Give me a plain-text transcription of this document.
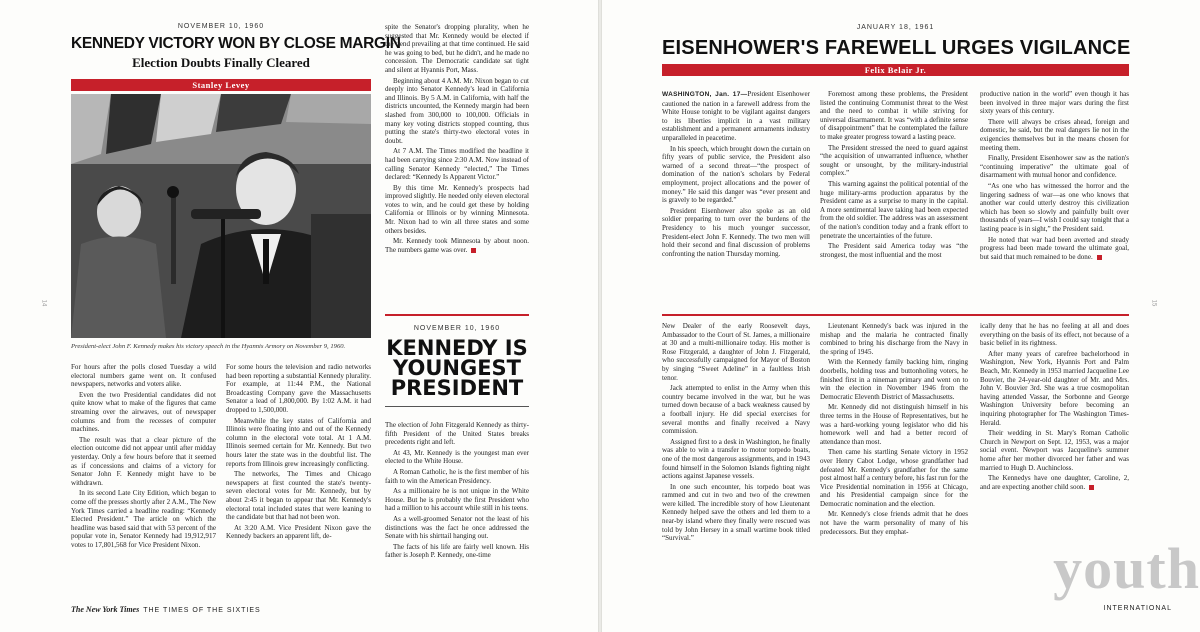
NOVEMBER 10, 1960
KENNEDY VICTORY WON BY CLOSE MARGIN
Election Doubts Finally Cleared
Stanley Levey
President-elect John F. Kennedy makes his victory speech in the Hyannis Armory on November 9, 1960.

For hours after the polls closed Tuesday a wild electoral numbers game went on. It confused newspapers, networks and voters alike.

Even the two Presidential candidates did not quite know what to make of the figures that came streaming over the airwaves, out of newspaper columns and from the recesses of computer machines.

The result was that a clear picture of the election outcome did not appear until after midday yesterday. Only a few hours before that it seemed as if concessions and claims of a victory for Senator John F. Kennedy might have to be withdrawn.

In its second Late City Edition, which began to come off the presses shortly after 2 A.M., The New York Times carried a headline reading: “Kennedy Elected President.” The article on which the headline was based said that with 53 percent of the popular vote in, Senator Kennedy had 19,912,917 votes to 17,801,568 for Vice President Nixon.

For some hours the television and radio networks had been reporting a substantial Kennedy plurality. For example, at 11:44 P.M., the National Broadcasting Company gave the Massachusetts Senator a lead of 1,800,000. By 1:02 A.M. it had dropped to 1,500,000.

Meanwhile the key states of California and Illinois were floating into and out of the Kennedy column in the electoral vote total. At 1 A.M. Illinois seemed certain for Mr. Kennedy. But two hours later the state was in the doubtful list. The reports from Illinois grew increasingly conflicting.

The networks, The Times and Chicago newspapers at first counted the state's twenty-seven electoral votes for Mr. Kennedy, but by about 2:45 it began to appear that Mr. Kennedy's electoral total included states that were leaning to the candidate but that had not been won.

At 3:20 A.M. Vice President Nixon gave the Kennedy backers an apparent lift, de-

spite the Senator's dropping plurality, when he suggested that Mr. Kennedy would be elected if the trend prevailing at that time continued. He said he was going to bed, but he didn't, and he made no concession. The Democratic candidate sat tight and silent at Hyannis Port, Mass.

Beginning about 4 A.M. Mr. Nixon began to cut deeply into Senator Kennedy's lead in California and Illinois. By 5 A.M. in California, with half the districts uncounted, the Kennedy margin had been slashed from 300,000 to 100,000. Officials in many key voting districts stopped counting, thus putting the state's thirty-two electoral votes in doubt.

At 7 A.M. The Times modified the headline it had been carrying since 2:30 A.M. Now instead of calling Senator Kennedy “elected,” The Times declared: “Kennedy Is Apparent Victor.”

By this time Mr. Kennedy's prospects had improved slightly. He needed only eleven electoral votes to win, and he could get these by holding California or Illinois or by winning Minnesota. Mr. Nixon had to win all three states and some others besides.

Mr. Kennedy took Minnesota by about noon. The numbers game was over.

NOVEMBER 10, 1960
KENNEDY IS
YOUNGEST
PRESIDENT

The election of John Fitzgerald Kennedy as thirty-fifth President of the United States breaks precedents right and left.

At 43, Mr. Kennedy is the youngest man ever elected to the White House.

A Roman Catholic, he is the first member of his faith to win the American Presidency.

As a millionaire he is not unique in the White House. But he is probably the first President who had a million to his account while still in his teens.

As a well-groomed Senator not the least of his distinctions was the fact he once addressed the Senate with his shirttail hanging out.

The facts of his life are fairly well known. His father is Joseph P. Kennedy, one-time

14
The New York Times THE TIMES OF THE SIXTIES
JANUARY 18, 1961
EISENHOWER'S FAREWELL URGES VIGILANCE
Felix Belair Jr.

WASHINGTON, Jan. 17—President Eisenhower cautioned the nation in a farewell address from the White House tonight to be vigilant against dangers to its liberties implicit in a vast military establishment and a permanent armaments industry unparalleled in peacetime.

In his speech, which brought down the curtain on fifty years of public service, the President also warned of a second threat—“the prospect of domination of the nation's scholars by Federal employment, project allocations and the power of money.” He said this danger was “ever present and is gravely to be regarded.”

President Eisenhower also spoke as an old soldier preparing to turn over the burdens of the Presidency to his much younger successor, President-elect John F. Kennedy. The two men will hold their second and final discussion of problems confronting the nation Thursday morning.

Foremost among these problems, the President listed the continuing Communist threat to the West and the need to combat it while striving for universal disarmament. It was “with a definite sense of disappointment” that he contemplated the failure to make greater progress toward a lasting peace.

The President stressed the need to guard against “the acquisition of unwarranted influence, whether sought or unsought, by the military-industrial complex.”

This warning against the political potential of the huge military-arms production apparatus by the President came as a surprise to many in the capital. A more sentimental leave taking had been expected from the old soldier. The address was an assessment of the nation's condition today and a frank effort to penetrate the uncertainties of the future.

The President said America today was “the strongest, the most influential and the most

productive nation in the world” even though it has been involved in three major wars during the first sixty years of this century.

There will always be crises ahead, foreign and domestic, he said, but the real dangers lie not in the exigencies themselves but in the means chosen for meeting them.

Finally, President Eisenhower saw as the nation's “continuing imperative” the ultimate goal of disarmament with mutual honor and confidence.

“As one who has witnessed the horror and the lingering sadness of war—as one who knows that another war could utterly destroy this civilization which has been so slowly and painfully built over thousands of years—I wish I could say tonight that a lasting peace is in sight,” the President said.

He noted that war had been averted and steady progress had been made toward the ultimate goal, but said that much remained to be done.

New Dealer of the early Roosevelt days, Ambassador to the Court of St. James, a millionaire at 30 and a multi-millionaire today. His mother is Rose Fitzgerald, a daughter of John J. Fitzgerald, who successfully campaigned for Mayor of Boston by singing “Sweet Adeline” in a faultless Irish tenor.

Jack attempted to enlist in the Army when this country became involved in the war, but he was turned down because of a back weakness caused by a football injury. He did special exercises for several months and finally received a Navy commission.

Assigned first to a desk in Washington, he finally was able to win a transfer to motor torpedo boats, one of the most dangerous assignments, and in 1943 found himself in the Solomon Islands fighting night actions against Japanese vessels.

In one such encounter, his torpedo boat was rammed and cut in two and two of the crewmen were killed. The incredible story of how Lieutenant Kennedy helped save the others and led them to a near-by island where they finally were rescued was told by John Hersey in a small wartime book titled “Survival.”

Lieutenant Kennedy's back was injured in the mishap and the malaria he contracted finally combined to bring his discharge from the Navy in the spring of 1945.

With the Kennedy family backing him, ringing doorbells, holding teas and buttonholing voters, he finished first in a nineman primary and went on to win the election in November 1946 from the Democratic Eleventh District of Massachusetts.

Mr. Kennedy did not distinguish himself in his three terms in the House of Representatives, but he was a hard-working young legislator who did his homework well and had a better record of attendance than most.

Then came his startling Senate victory in 1952 over Henry Cabot Lodge, whose grandfather had defeated Mr. Kennedy's grandfather for the same post almost half a century before, his fast run for the Vice Presidential nomination in 1956 at Chicago, and his Presidential campaign since for the Democratic nomination and the election.

Mr. Kennedy's close friends admit that he does not have the warm personality of many of his predecessors. But they emphat-

ically deny that he has no feeling at all and does everything on the basis of its effect, not because of a basic belief in its rightness.

After many years of carefree bachelorhood in Washington, New York, Hyannis Port and Palm Beach, Mr. Kennedy in 1953 married Jacqueline Lee Bouvier, the 24-year-old daughter of Mr. and Mrs. John V. Bouvier 3rd. She was a true cosmopolitan having attended Vassar, the Sorbonne and George Washington University before becoming an inquiring photographer for The Washington Times-Herald.

Their wedding in St. Mary's Roman Catholic Church in Newport on Sept. 12, 1953, was a major social event. Newport was Jacqueline's summer home after her mother divorced her father and was married to Hugh D. Auchincloss.

The Kennedys have one daughter, Caroline, 2, and are expecting another child soon.

youth
15
INTERNATIONAL
